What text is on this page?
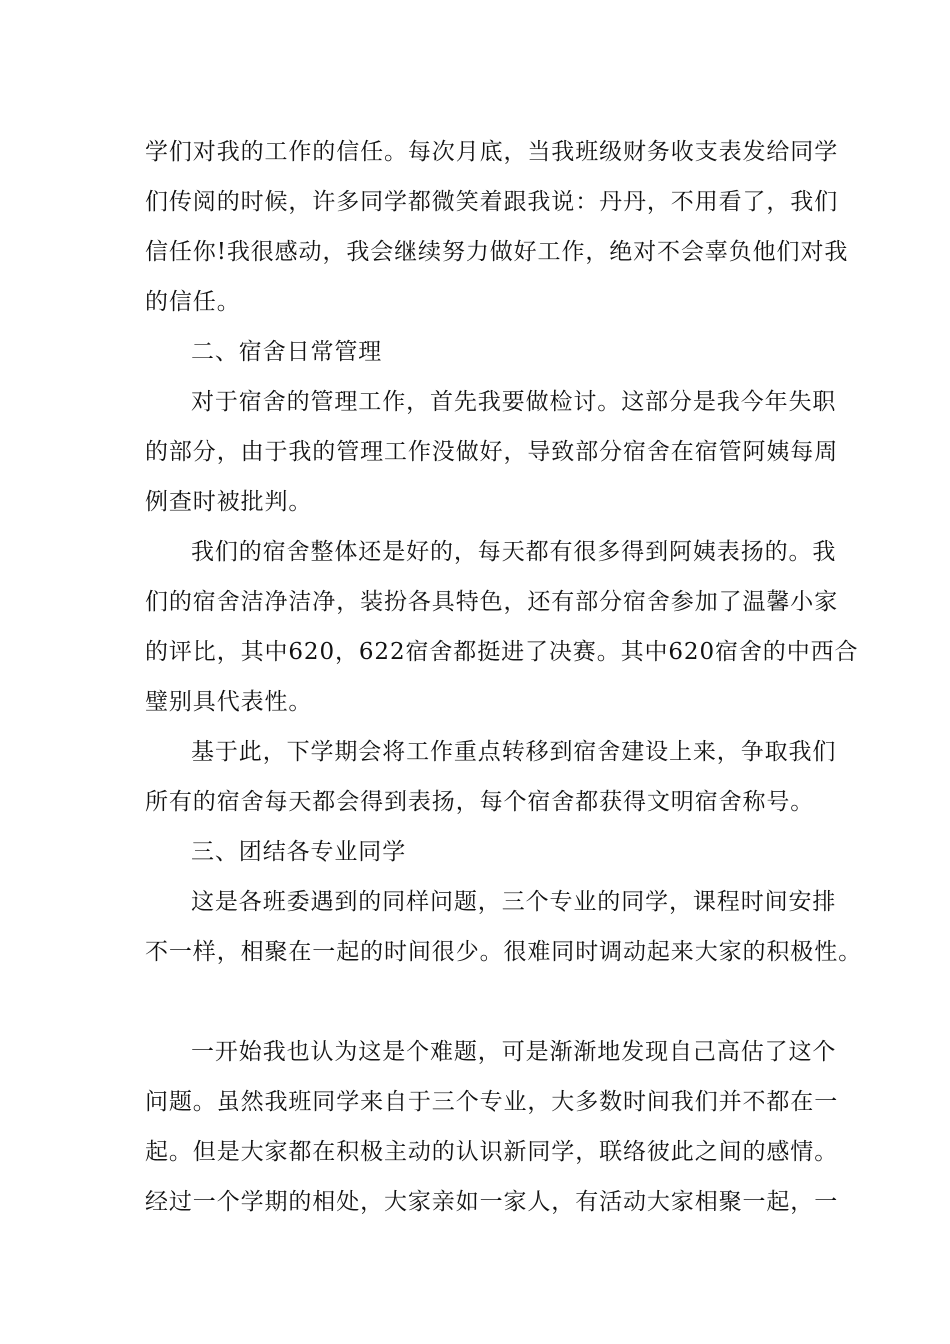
学们对我的工作的信任。每次月底，当我班级财务收支表发给同学
们传阅的时候，许多同学都微笑着跟我说：丹丹，不用看了，我们
信任你!我很感动，我会继续努力做好工作，绝对不会辜负他们对我
的信任。
二、宿舍日常管理
对于宿舍的管理工作，首先我要做检讨。这部分是我今年失职
的部分，由于我的管理工作没做好，导致部分宿舍在宿管阿姨每周
例查时被批判。
我们的宿舍整体还是好的，每天都有很多得到阿姨表扬的。我
们的宿舍洁净洁净，装扮各具特色，还有部分宿舍参加了温馨小家
的评比，其中620，622宿舍都挺进了决赛。其中620宿舍的中西合
璧别具代表性。
基于此，下学期会将工作重点转移到宿舍建设上来，争取我们
所有的宿舍每天都会得到表扬，每个宿舍都获得文明宿舍称号。
三、团结各专业同学
这是各班委遇到的同样问题，三个专业的同学，课程时间安排
不一样，相聚在一起的时间很少。很难同时调动起来大家的积极性。
一开始我也认为这是个难题，可是渐渐地发现自己高估了这个
问题。虽然我班同学来自于三个专业，大多数时间我们并不都在一
起。但是大家都在积极主动的认识新同学，联络彼此之间的感情。
经过一个学期的相处，大家亲如一家人，有活动大家相聚一起，一
